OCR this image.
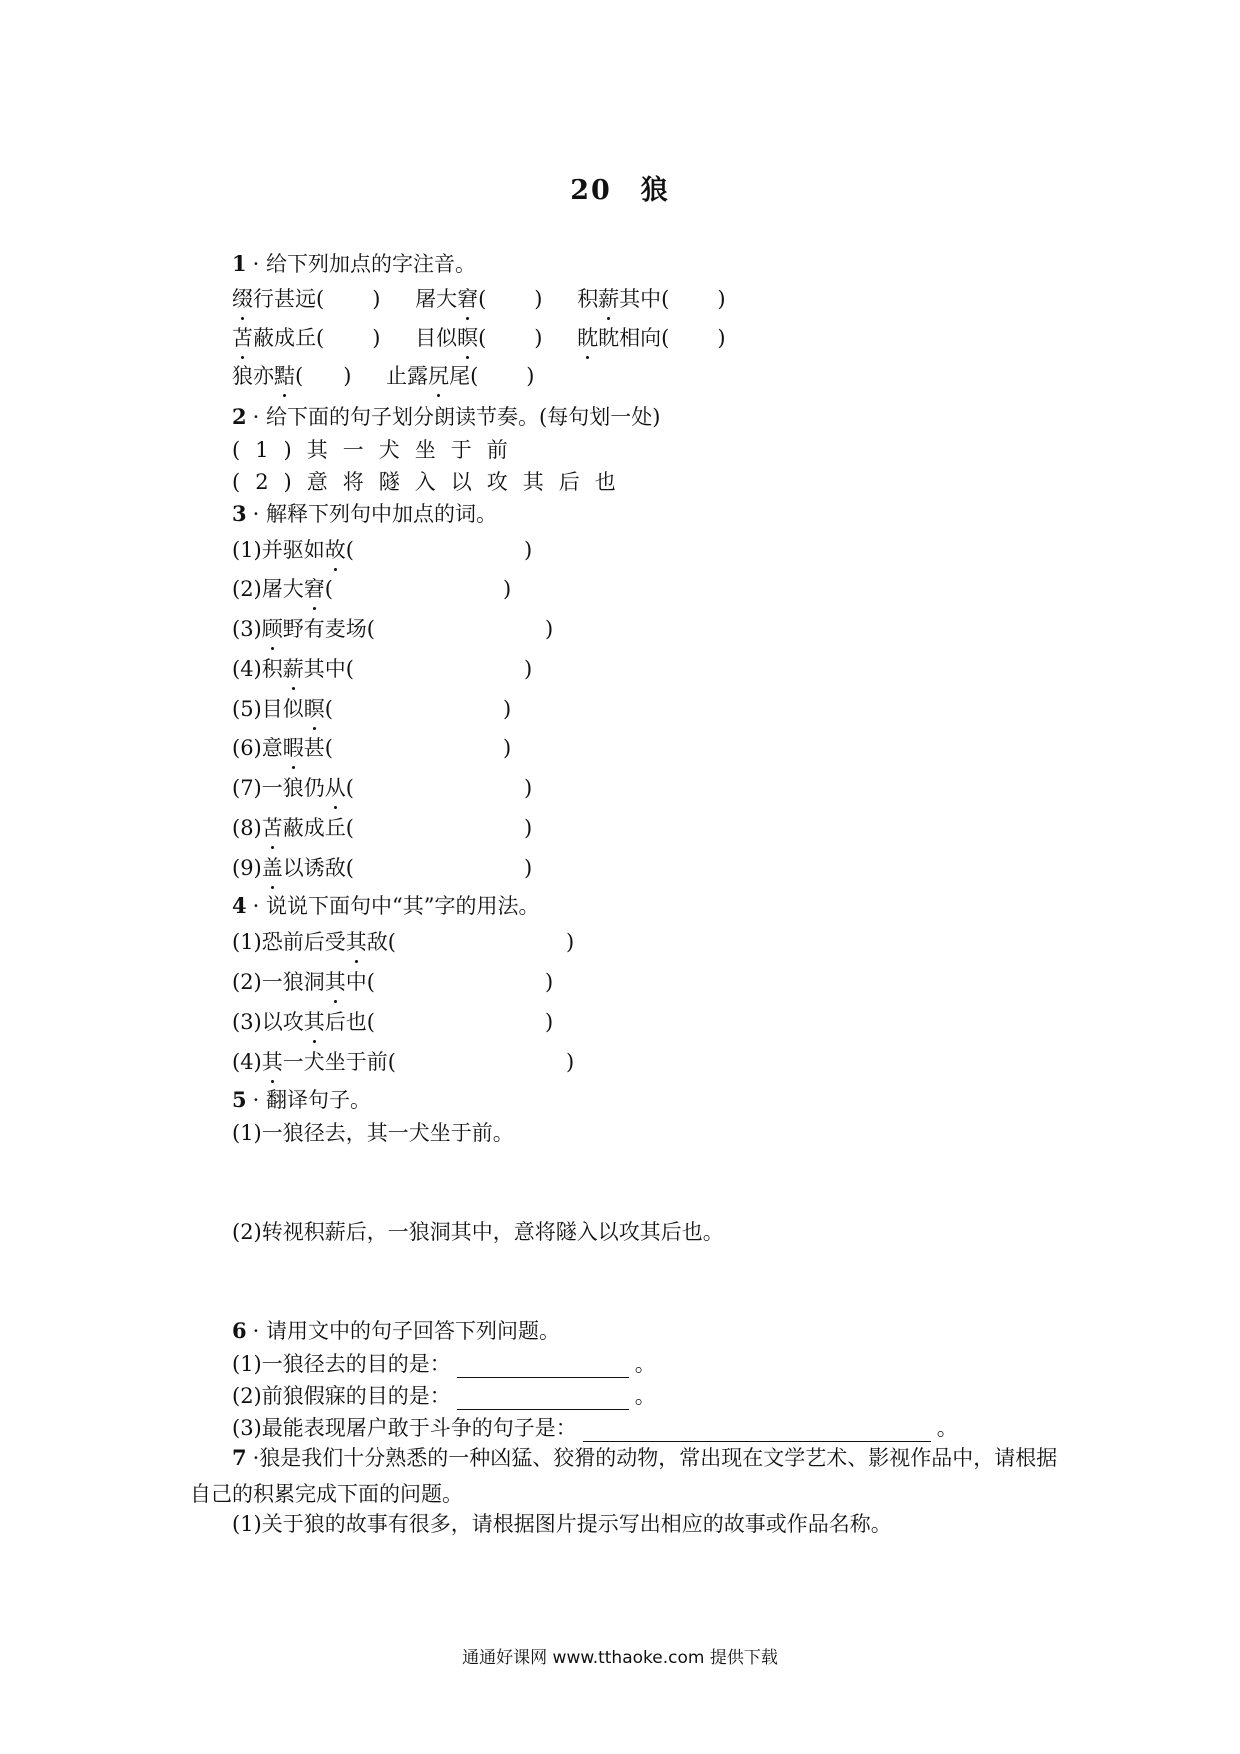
20　狼
1 · 给下列加点的字注音。
缀行甚远( ) 屠大窘( ) 积薪其中( )
苫蔽成丘( ) 目似瞑( ) 眈眈相向( )
狼亦黠( ) 止露尻尾( )
2 · 给下面的句子划分朗读节奏。(每句划一处)
(1)其一犬坐于前
(2)意将隧入以攻其后也
3 · 解释下列句中加点的词。
(1)并驱如故(	)
(2)屠大窘(	)
(3)顾野有麦场(	)
(4)积薪其中(	)
(5)目似瞑(	)
(6)意暇甚(	)
(7)一狼仍从(	)
(8)苫蔽成丘(	)
(9)盖以诱敌(	)
4 · 说说下面句中“其”字的用法。
(1)恐前后受其敌(	)
(2)一狼洞其中(	)
(3)以攻其后也(	)
(4)其一犬坐于前(	)
5 · 翻译句子。
(1)一狼径去，其一犬坐于前。
(2)转视积薪后，一狼洞其中，意将隧入以攻其后也。
6 · 请用文中的句子回答下列问题。
(1)一狼径去的目的是：	。
(2)前狼假寐的目的是：	。
(3)最能表现屠户敢于斗争的句子是：	。
7 ·狼是我们十分熟悉的一种凶猛、狡猾的动物，常出现在文学艺术、影视作品中，请根据自己的积累完成下面的问题。
(1)关于狼的故事有很多，请根据图片提示写出相应的故事或作品名称。
通通好课网 www.tthaoke.com 提供下载
